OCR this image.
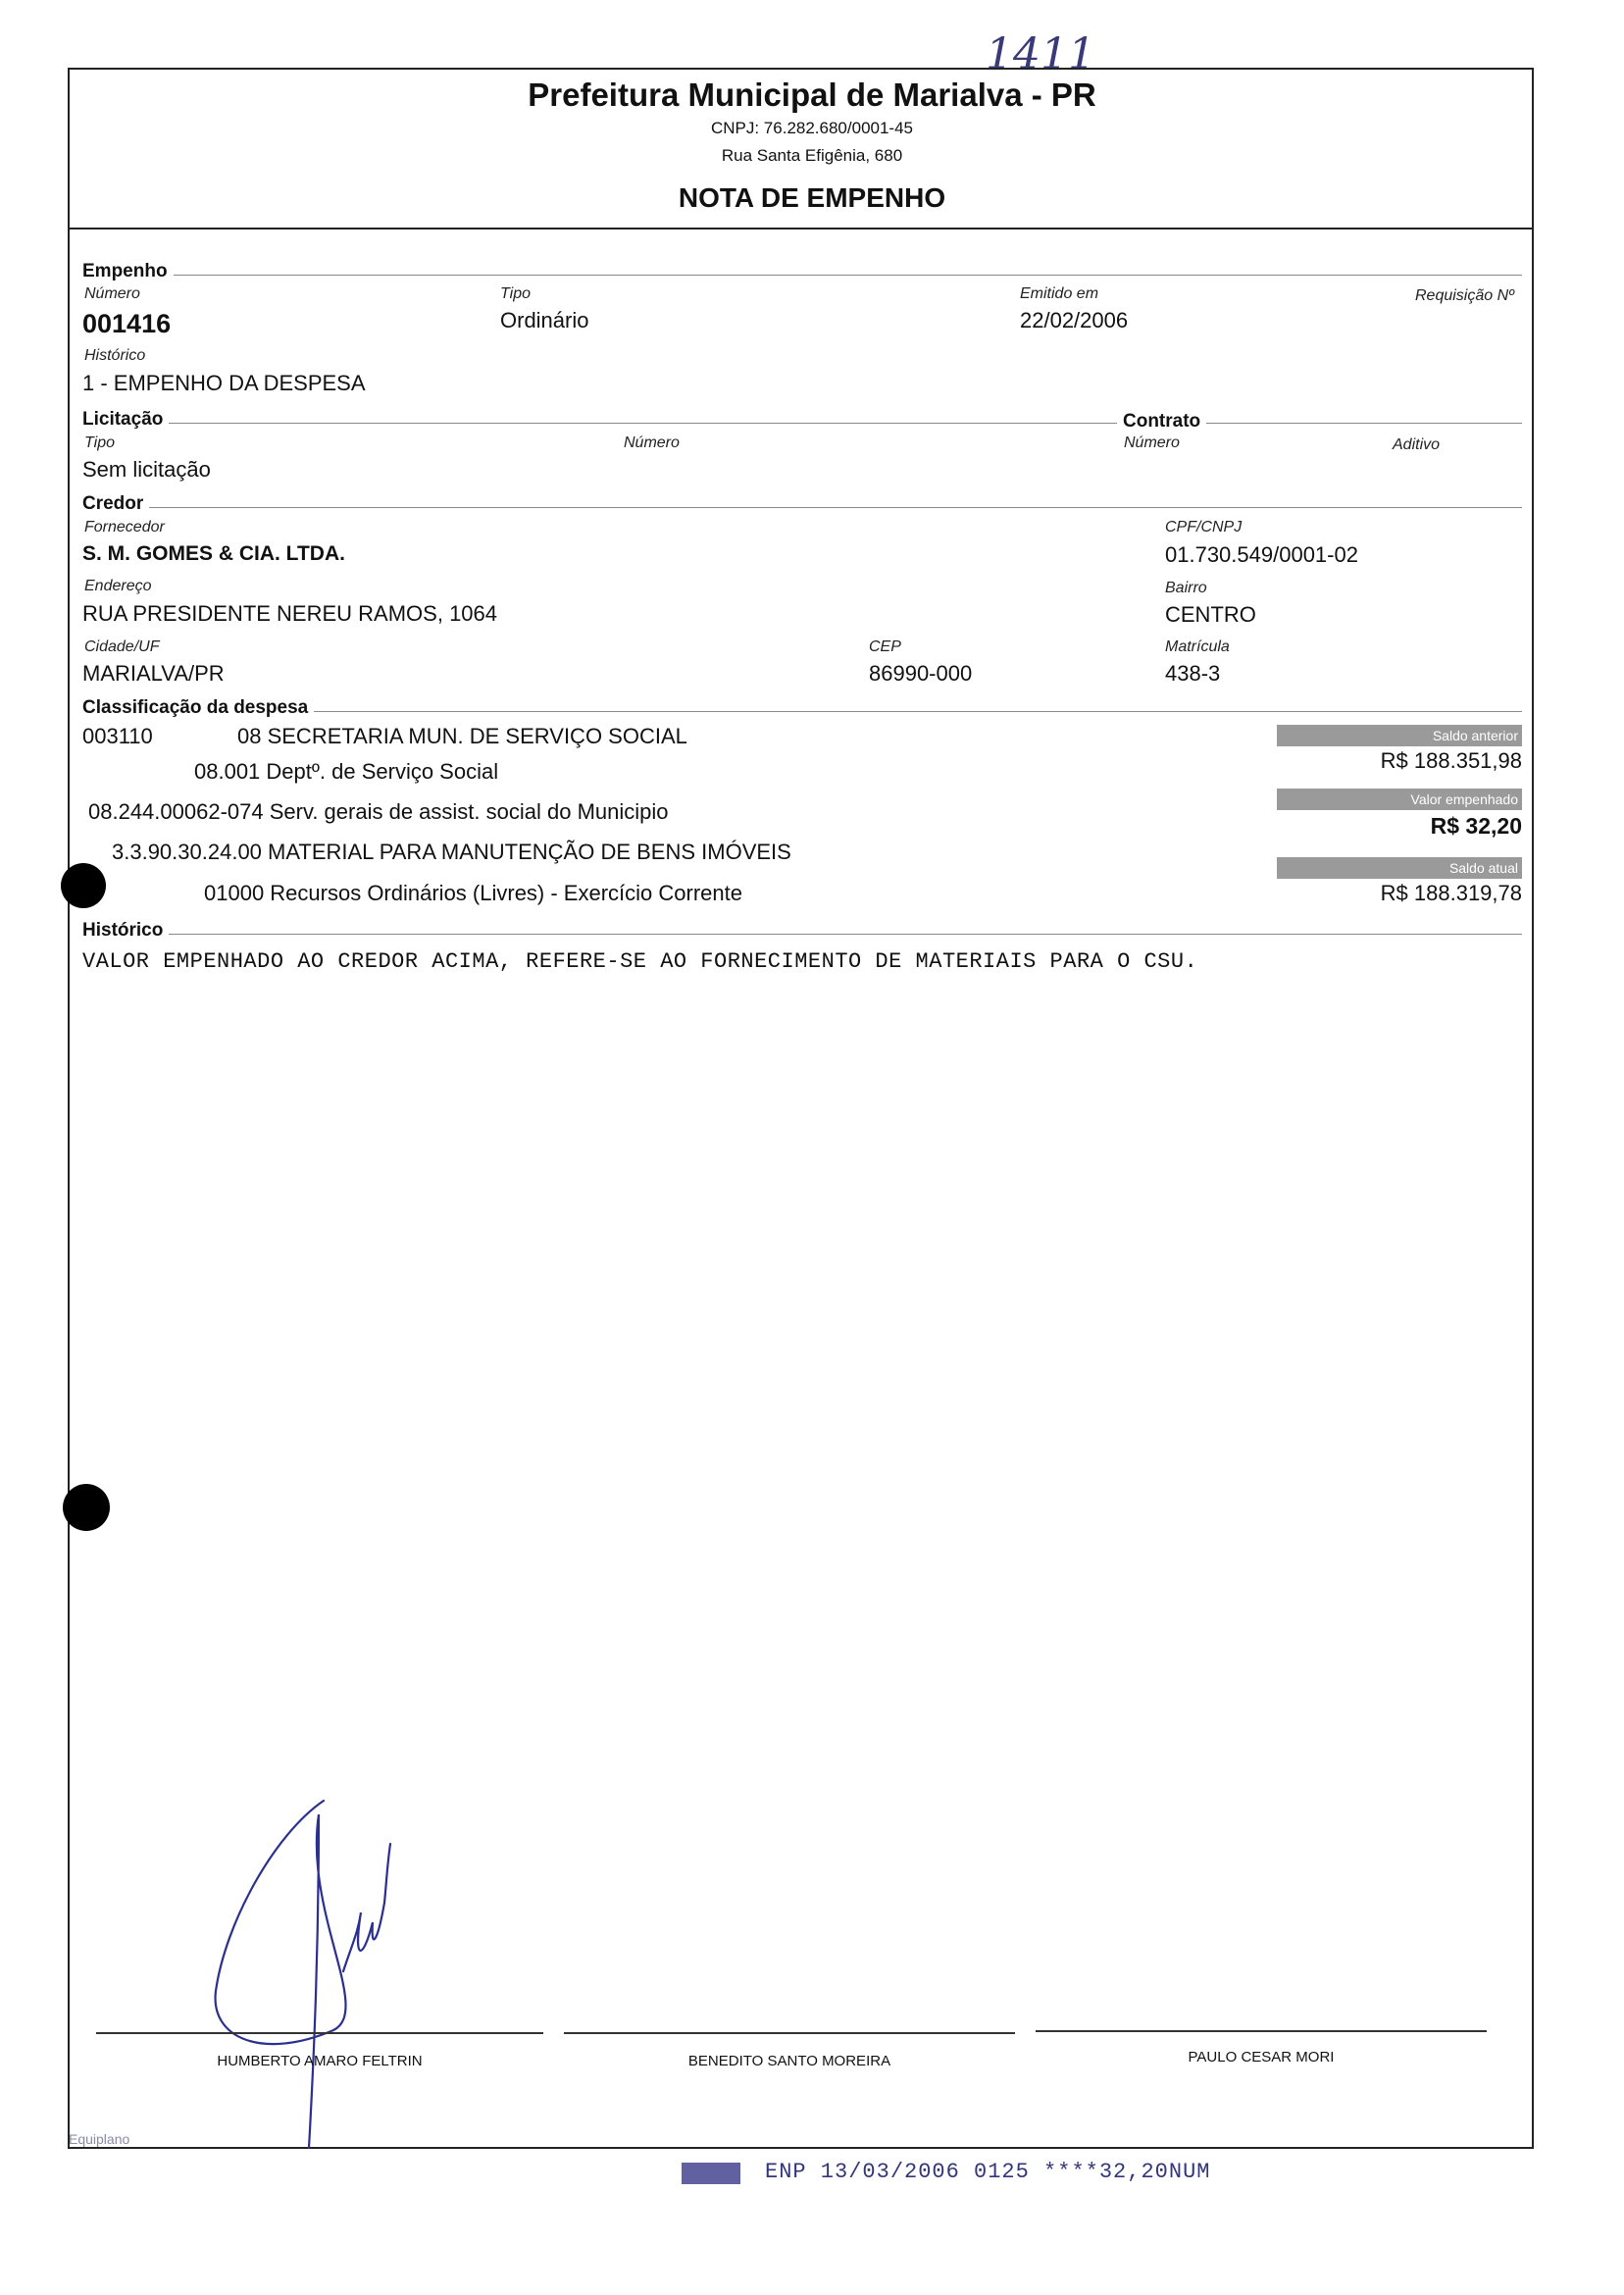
1411
Prefeitura Municipal de Marialva - PR
CNPJ: 76.282.680/0001-45
Rua Santa Efigênia, 680
NOTA DE EMPENHO
Empenho
Número
001416
Tipo
Ordinário
Emitido em
22/02/2006
Requisição Nº
Histórico
1 - EMPENHO DA DESPESA
Licitação	Contrato
Tipo
Sem licitação
Número	Número	Aditivo
Credor
Fornecedor
S. M. GOMES & CIA. LTDA.
CPF/CNPJ
01.730.549/0001-02
Endereço
RUA PRESIDENTE NEREU RAMOS, 1064
Bairro
CENTRO
Cidade/UF
MARIALVA/PR
CEP
86990-000
Matrícula
438-3
Classificação da despesa
003110	08 SECRETARIA MUN. DE SERVIÇO SOCIAL
08.001 Deptº. de Serviço Social
08.244.00062-074 Serv. gerais de assist. social do Municipio
3.3.90.30.24.00 MATERIAL PARA MANUTENÇÃO DE BENS IMÓVEIS
01000 Recursos Ordinários (Livres) - Exercício Corrente
Saldo anterior
R$ 188.351,98
Valor empenhado
R$ 32,20
Saldo atual
R$ 188.319,78
Histórico
VALOR EMPENHADO AO CREDOR ACIMA, REFERE-SE AO FORNECIMENTO DE MATERIAIS PARA O CSU.
HUMBERTO AMARO FELTRIN	BENEDITO SANTO MOREIRA	PAULO CESAR MORI
Equiplano
ENP 13/03/2006 0125 ****32,20NUM
